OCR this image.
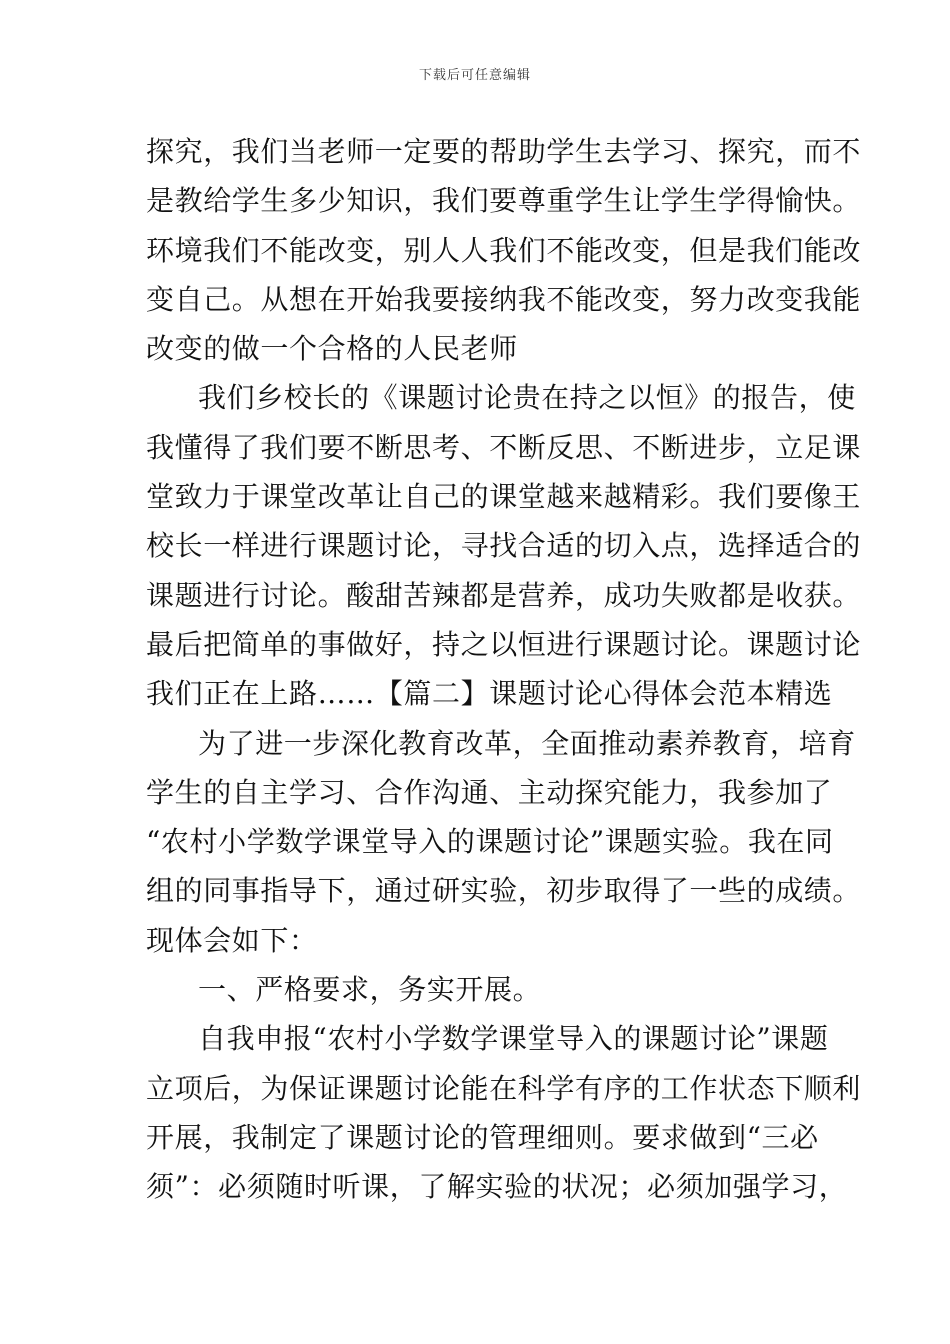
下载后可任意编辑
探究，我们当老师一定要的帮助学生去学习、探究，而不
是教给学生多少知识，我们要尊重学生让学生学得愉快。
环境我们不能改变，别人人我们不能改变，但是我们能改
变自己。从想在开始我要接纳我不能改变，努力改变我能
改变的做一个合格的人民老师
我们乡校长的《课题讨论贵在持之以恒》的报告，使
我懂得了我们要不断思考、不断反思、不断进步，立足课
堂致力于课堂改革让自己的课堂越来越精彩。我们要像王
校长一样进行课题讨论，寻找合适的切入点，选择适合的
课题进行讨论。酸甜苦辣都是营养，成功失败都是收获。
最后把简单的事做好，持之以恒进行课题讨论。课题讨论
我们正在上路……【篇二】课题讨论心得体会范本精选
为了进一步深化教育改革，全面推动素养教育，培育
学生的自主学习、合作沟通、主动探究能力，我参加了
“农村小学数学课堂导入的课题讨论”课题实验。我在同
组的同事指导下，通过研实验，初步取得了一些的成绩。
现体会如下：
一、严格要求，务实开展。
自我申报“农村小学数学课堂导入的课题讨论”课题
立项后，为保证课题讨论能在科学有序的工作状态下顺利
开展，我制定了课题讨论的管理细则。要求做到“三必
须”：必须随时听课，了解实验的状况；必须加强学习，
